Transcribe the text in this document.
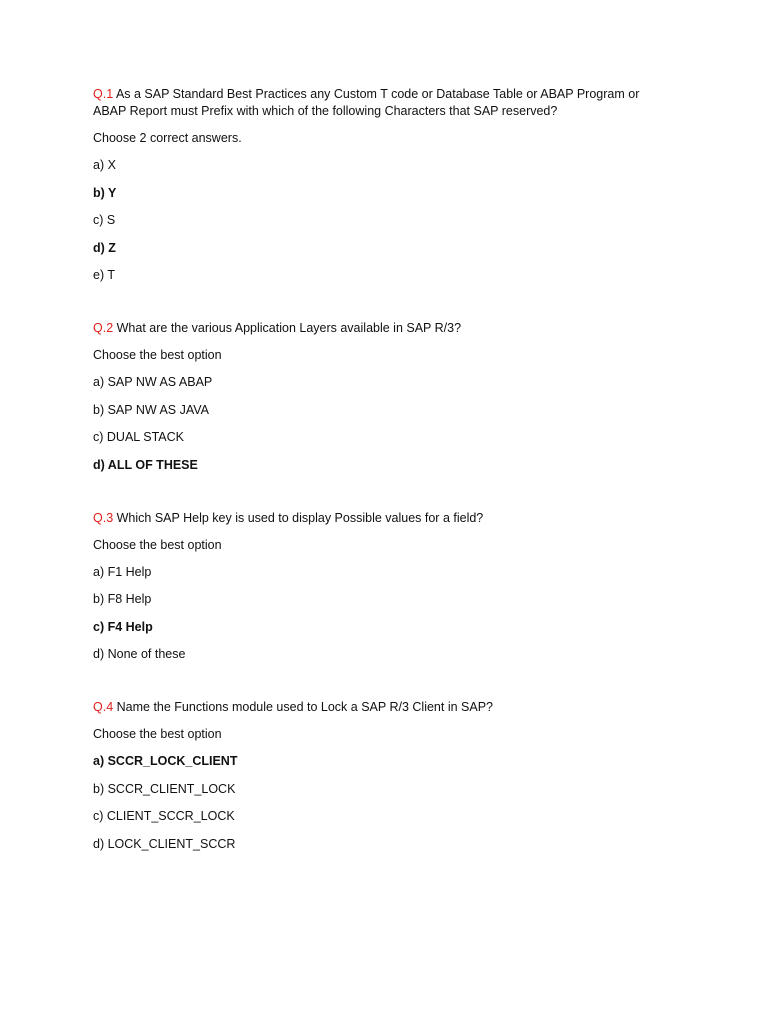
Q.1 As a SAP Standard Best Practices any Custom T code or Database Table or ABAP Program or ABAP Report must Prefix with which of the following Characters that SAP reserved?
Choose 2 correct answers.
a) X
b) Y
c) S
d) Z
e) T
Q.2 What are the various Application Layers available in SAP R/3?
Choose the best option
a) SAP NW AS ABAP
b) SAP NW AS JAVA
c) DUAL STACK
d) ALL OF THESE
Q.3 Which SAP Help key is used to display Possible values for a field?
Choose the best option
a) F1 Help
b) F8 Help
c) F4 Help
d) None of these
Q.4 Name the Functions module used to Lock a SAP R/3 Client in SAP?
Choose the best option
a) SCCR_LOCK_CLIENT
b) SCCR_CLIENT_LOCK
c) CLIENT_SCCR_LOCK
d) LOCK_CLIENT_SCCR
